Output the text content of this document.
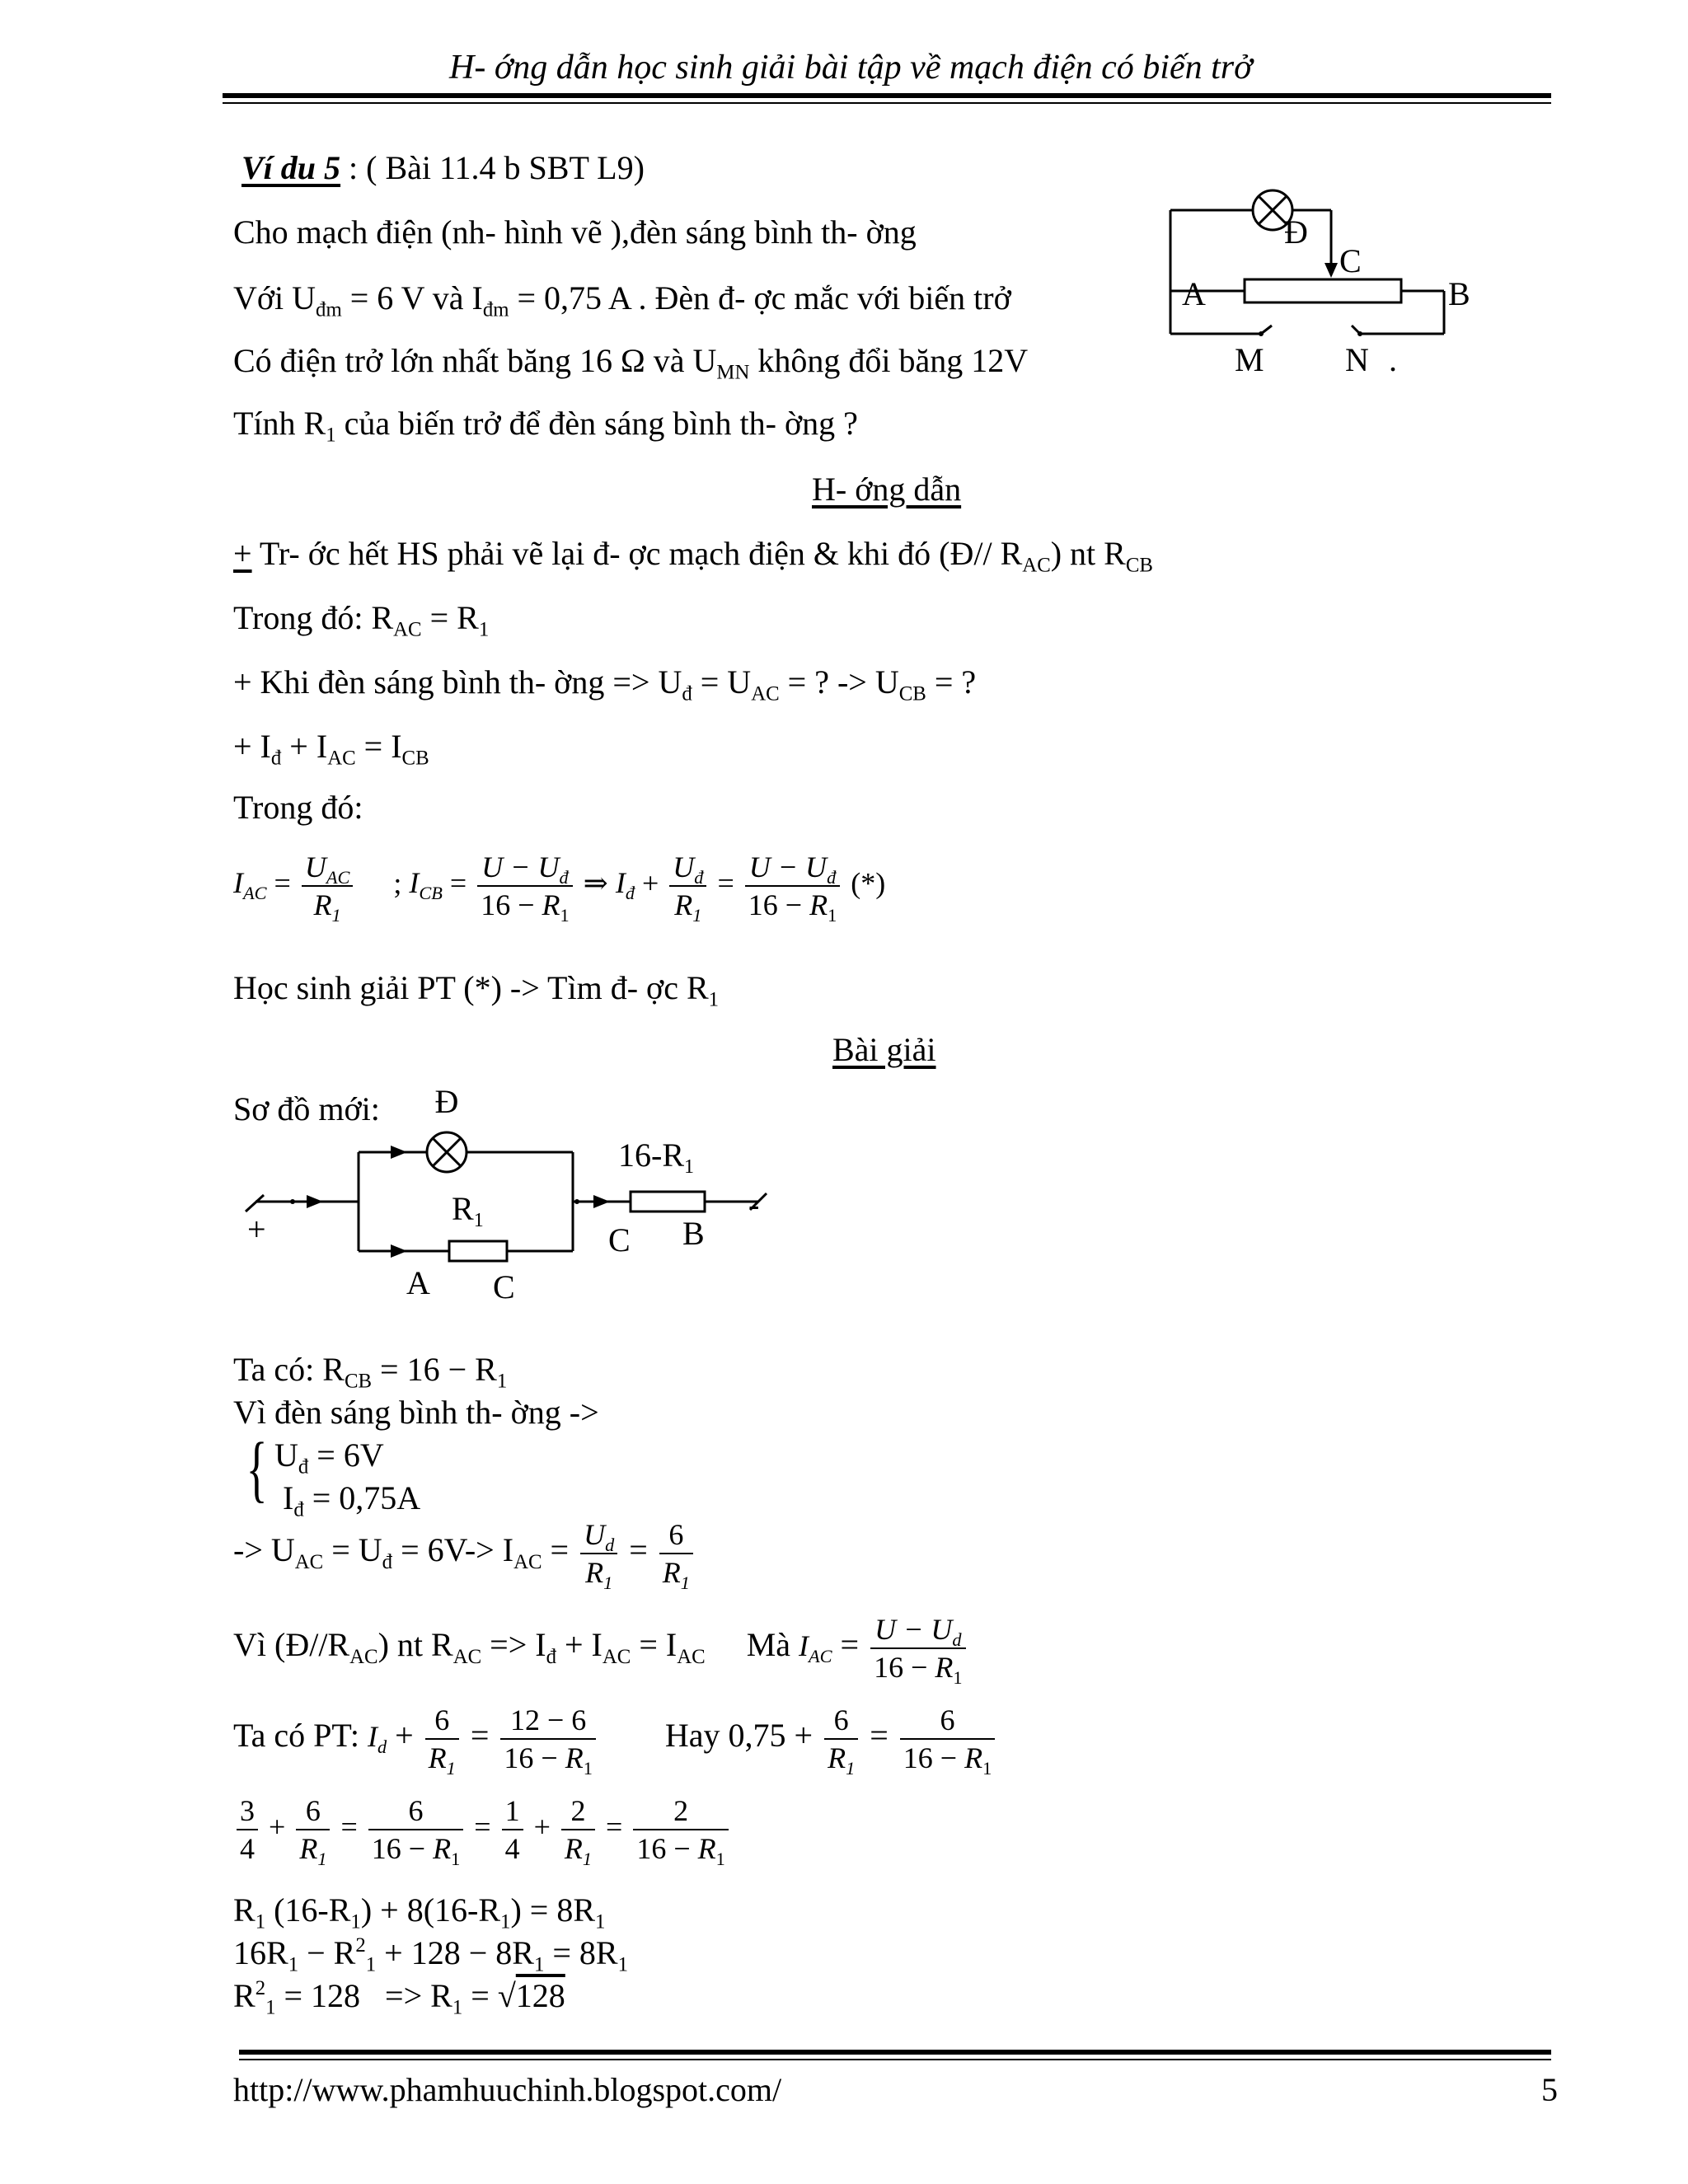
H- ớng dẫn học sinh giải bài tập về mạch điện có biến trở
Ví du 5 : ( Bài 11.4 b SBT L9)
Cho mạch điện (nh- hình vẽ ),đèn sáng bình th- ờng
Với $U_{đm} = 6$ V và $I_{đm} = 0,75$ A . Đèn đ- ợc mắc với biến trở
Có điện trở lớn nhất băng 16 Ω và $U_{MN}$ không đổi băng 12V
Tính $R_1$ của biến trở để đèn sáng bình th- ờng ?
Đ
C
A	B
M N .
H- ớng dẫn
+ Tr- ớc hết HS phải vẽ lại đ- ợc mạch điện & khi đó (Đ// $R_{AC}$) nt $R_{CB}$
Trong đó: $R_{AC} = R_1$
+ Khi đèn sáng bình th- ờng => $U_đ = U_{AC}$ = ? -> $U_{CB}$ = ?
+ $I_đ + I_{AC} = I_{CB}$
Trong đó:
$I_{AC} = \frac{U_{AC}}{R_1}$ ; $I_{CB} = \frac{U - U_đ}{16 - R_1}$ ⇒ $I_đ + \frac{U_đ}{R_1} = \frac{U - U_đ}{16 - R_1}$ (*)
Học sinh giải PT (*) -> Tìm đ- ợc $R_1$
Bài giải
Sơ đồ mới: Đ
$16-R_1$
$R_1$
+
-
A C
C B
Ta có: $R_{CB} = 16 - R_1$
Vì đèn sáng bình th- ờng ->
{ $U_đ = 6V$
$I_đ = 0,75A$
-> $U_{AC} = U_đ = 6V-> I_{AC} = \frac{U_d}{R_1} = \frac{6}{R_1}$
Vì $(Đ//R_{AC})$ nt $R_{AC} => I_đ + I_{AC} = I_{AC}$     Mà $I_{AC} = \frac{U - U_d}{16 - R_1}$
Ta có PT: $I_d + \frac{6}{R_1} = \frac{12 - 6}{16 - R_1}$ Hay $0,75 + \frac{6}{R_1} = \frac{6}{16 - R_1}$
$\frac{3}{4} + \frac{6}{R_1} = \frac{6}{16 - R_1} = \frac{1}{4} + \frac{2}{R_1} = \frac{2}{16 - R_1}$
$R_1$ $(16-R_1) + 8(16-R_1) = 8R_1$
$16R_1 - R^2_1 + 128 - 8R_1 = 8R_1$
$R^2_1 = 128 => R_1 = √128$
http://www.phamhuuchinh.blogspot.com/	5
